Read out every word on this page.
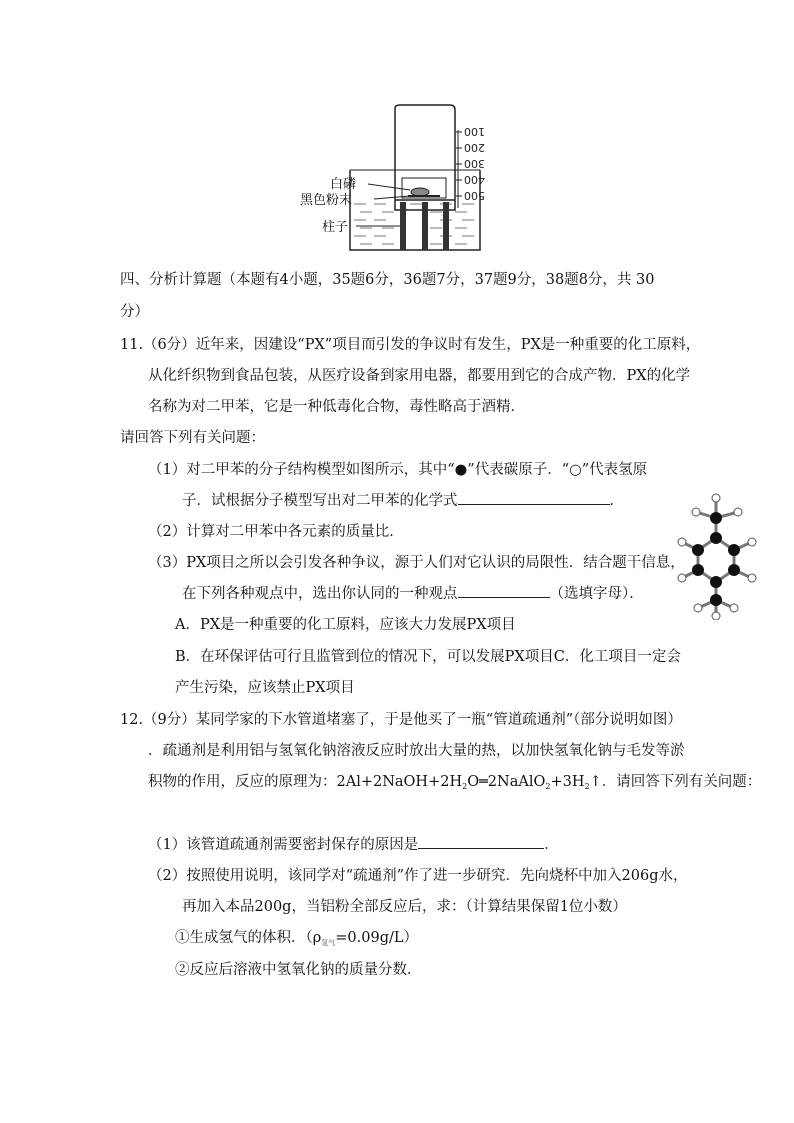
100
200
300
400
500
白磷
黑色粉末
柱子
四、分析计算题（本题有4小题，35题6分，36题7分，37题9分，38题8分，共 30
分）
11.（6分）近年来，因建设“PX”项目而引发的争议时有发生，PX是一种重要的化工原料，
从化纤织物到食品包装，从医疗设备到家用电器，都要用到它的合成产物．PX的化学
名称为对二甲苯，它是一种低毒化合物，毒性略高于酒精．
请回答下列有关问题：
（1）对二甲苯的分子结构模型如图所示，其中“●”代表碳原子．“○”代表氢原
子．试根据分子模型写出对二甲苯的化学式	．
（2）计算对二甲苯中各元素的质量比．
（3）PX项目之所以会引发各种争议，源于人们对它认识的局限性．结合题干信息，
在下列各种观点中，选出你认同的一种观点	（选填字母）．
A．PX是一种重要的化工原料，应该大力发展PX项目
B．在环保评估可行且监管到位的情况下，可以发展PX项目C．化工项目一定会
产生污染，应该禁止PX项目
12.（9分）某同学家的下水管道堵塞了，于是他买了一瓶“管道疏通剂”（部分说明如图）
．疏通剂是利用铝与氢氧化钠溶液反应时放出大量的热，以加快氢氧化钠与毛发等淤
积物的作用，反应的原理为：$2Al+2NaOH+2H_2O═2NaAlO_2+3H_2↑$．请回答下列有关问题：
（1）该管道疏通剂需要密封保存的原因是	．
（2）按照使用说明，该同学对“疏通剂”作了进一步研究．先向烧杯中加入206g水，
再加入本品200g，当铝粉全部反应后，求：（计算结果保留1位小数）
①生成氢气的体积．$(\rho_{氢气}=0.09g/L)$
②反应后溶液中氢氧化钠的质量分数．
